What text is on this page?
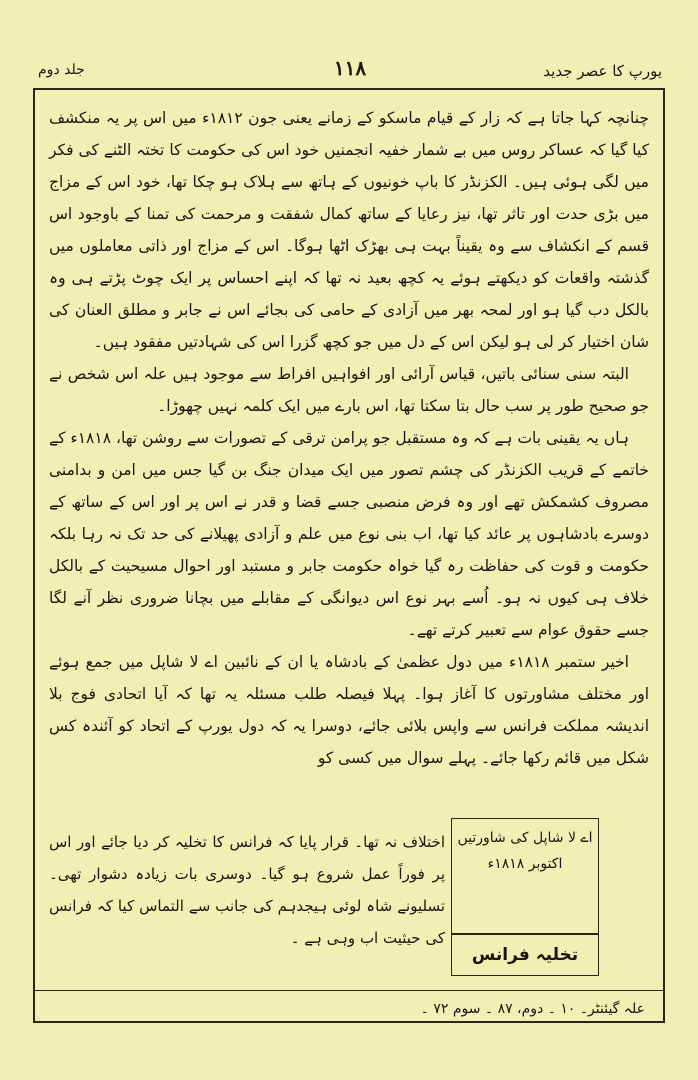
جلد دوم	۱۱۸	یورپ کا عصر جدید

چنانچہ کہا جاتا ہے کہ زار کے قیام ماسکو کے زمانے یعنی جون ۱۸۱۲ء میں اس پر یہ منکشف کیا گیا کہ عساکر روس میں بے شمار خفیہ انجمنیں خود اس کی حکومت کا تختہ الٹنے کی فکر میں لگی ہوئی ہیں۔ الکزنڈر کا باپ خونیوں کے ہاتھ سے ہلاک ہو چکا تھا، خود اس کے مزاج میں بڑی حدت اور تاثر تھا، نیز رعایا کے ساتھ کمال شفقت و مرحمت کی تمنا کے باوجود اس قسم کے انکشاف سے وہ یقیناً بہت ہی بھڑک اٹھا ہوگا۔ اس کے مزاج اور ذاتی معاملوں میں گذشتہ واقعات کو دیکھتے ہوئے یہ کچھ بعید نہ تھا کہ اپنے احساس پر ایک چوٹ پڑتے ہی وہ بالکل دب گیا ہو اور لمحہ بھر میں آزادی کے حامی کی بجائے اس نے جابر و مطلق العنان کی شان اختیار کر لی ہو لیکن اس کے دل میں جو کچھ گزرا اس کی شہادتیں مفقود ہیں۔

البتہ سنی سنائی باتیں، قیاس آرائی اور افواہیں افراط سے موجود ہیں علہ اس شخص نے جو صحیح طور پر سب حال بتا سکتا تھا، اس بارے میں ایک کلمہ نہیں چھوڑا۔

ہاں یہ یقینی بات ہے کہ وہ مستقبل جو پرامن ترقی کے تصورات سے روشن تھا، ۱۸۱۸ء کے خاتمے کے قریب الکزنڈر کی چشم تصور میں ایک میدان جنگ بن گیا جس میں امن و بدامنی مصروف کشمکش تھے اور وہ فرض منصبی جسے قضا و قدر نے اس پر اور اس کے ساتھ کے دوسرے بادشاہوں پر عائد کیا تھا، اب بنی نوع میں علم و آزادی پھیلانے کی حد تک نہ رہا بلکہ حکومت و قوت کی حفاظت رہ گیا خواہ حکومت جابر و مستبد اور احوال مسیحیت کے بالکل خلاف ہی کیوں نہ ہو۔ اُسے بہر نوع اس دیوانگی کے مقابلے میں بچانا ضروری نظر آنے لگا جسے حقوق عوام سے تعبیر کرتے تھے۔

اخیر ستمبر ۱۸۱۸ء میں دول عظمیٰ کے بادشاہ یا ان کے نائبین اے لا شاپل میں جمع ہوئے اور مختلف مشاورتوں کا آغاز ہوا۔ پہلا فیصلہ طلب مسئلہ یہ تھا کہ آیا اتحادی فوج بلا اندیشہ مملکت فرانس سے واپس بلائی جائے، دوسرا یہ کہ دول یورپ کے اتحاد کو آئندہ کس شکل میں قائم رکھا جائے۔ پہلے سوال میں کسی کو

اے لا شاپل کی شاورتیں
اکتوبر ۱۸۱۸ء
تخلیہ فرانس
اختلاف نہ تھا۔ قرار پایا کہ فرانس کا تخلیہ کر دیا جائے اور اس پر فوراً عمل شروع ہو گیا۔ دوسری بات زیادہ دشوار تھی۔ تسلیونے شاہ لوئی ہیجدہم کی جانب سے التماس کیا کہ فرانس کی حیثیت اب وہی ہے ۔
علہ گیئنٹر۔ ۱۰ ۔ دوم، ۸۷ ۔ سوم ۷۲ ۔
